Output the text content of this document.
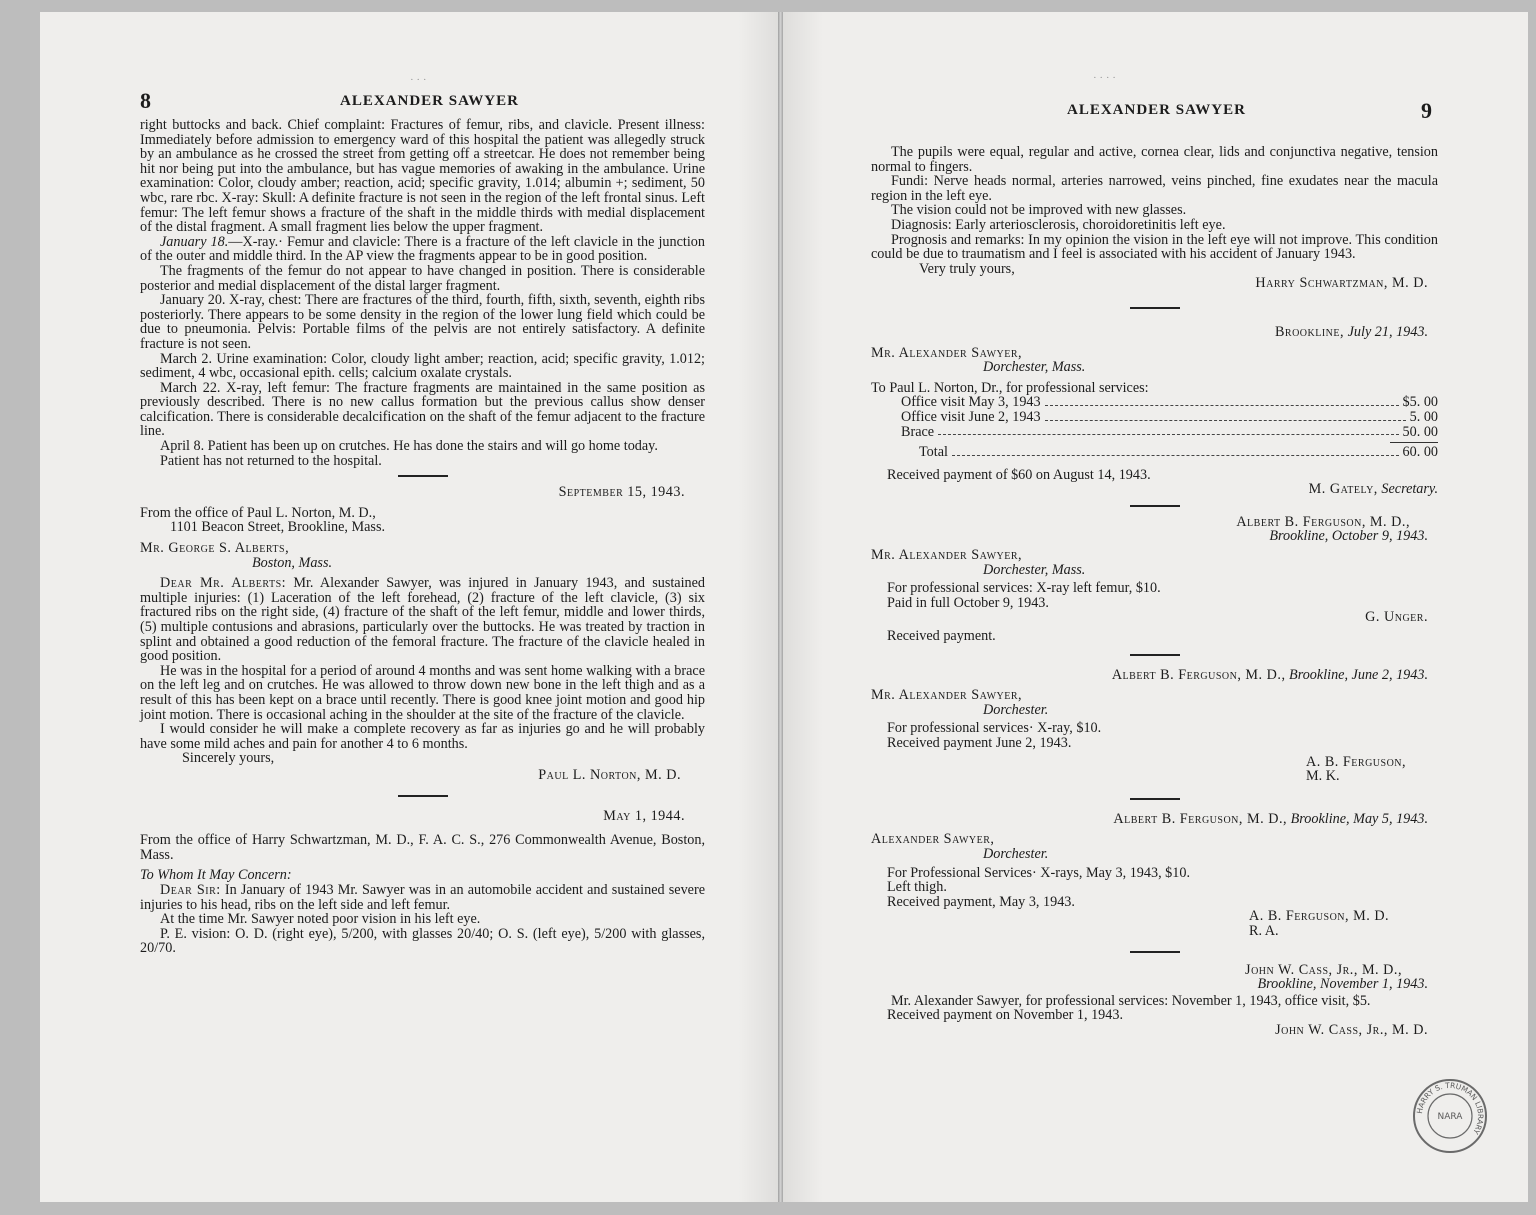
· · ·
8	ALEXANDER SAWYER

right buttocks and back. Chief complaint: Fractures of femur, ribs, and clavicle. Present illness: Immediately before admission to emergency ward of this hospital the patient was allegedly struck by an ambulance as he crossed the street from getting off a streetcar. He does not remember being hit nor being put into the ambulance, but has vague memories of awaking in the ambulance. Urine examination: Color, cloudy amber; reaction, acid; specific gravity, 1.014; albumin +; sediment, 50 wbc, rare rbc. X-ray: Skull: A definite fracture is not seen in the region of the left frontal sinus. Left femur: The left femur shows a fracture of the shaft in the middle thirds with medial displacement of the distal fragment. A small fragment lies below the upper fragment.

January 18.—X-ray.· Femur and clavicle: There is a fracture of the left clavicle in the junction of the outer and middle third. In the AP view the fragments appear to be in good position.

The fragments of the femur do not appear to have changed in position. There is considerable posterior and medial displacement of the distal larger fragment.

January 20. X-ray, chest: There are fractures of the third, fourth, fifth, sixth, seventh, eighth ribs posteriorly. There appears to be some density in the region of the lower lung field which could be due to pneumonia. Pelvis: Portable films of the pelvis are not entirely satisfactory. A definite fracture is not seen.

March 2. Urine examination: Color, cloudy light amber; reaction, acid; specific gravity, 1.012; sediment, 4 wbc, occasional epith. cells; calcium oxalate crystals.

March 22. X-ray, left femur: The fracture fragments are maintained in the same position as previously described. There is no new callus formation but the previous callus show denser calcification. There is considerable decalcification on the shaft of the femur adjacent to the fracture line.

April 8. Patient has been up on crutches. He has done the stairs and will go home today.

Patient has not returned to the hospital.

September 15, 1943.
From the office of Paul L. Norton, M. D.,
1101 Beacon Street, Brookline, Mass.
Mr. George S. Alberts,
Boston, Mass.

Dear Mr. Alberts: Mr. Alexander Sawyer, was injured in January 1943, and sustained multiple injuries: (1) Laceration of the left forehead, (2) fracture of the left clavicle, (3) six fractured ribs on the right side, (4) fracture of the shaft of the left femur, middle and lower thirds, (5) multiple contusions and abrasions, particularly over the buttocks. He was treated by traction in splint and obtained a good reduction of the femoral fracture. The fracture of the clavicle healed in good position.

He was in the hospital for a period of around 4 months and was sent home walking with a brace on the left leg and on crutches. He was allowed to throw down new bone in the left thigh and as a result of this has been kept on a brace until recently. There is good knee joint motion and good hip joint motion. There is occasional aching in the shoulder at the site of the fracture of the clavicle.

I would consider he will make a complete recovery as far as injuries go and he will probably have some mild aches and pain for another 4 to 6 months.

Sincerely yours,
Paul L. Norton, M. D.
May 1, 1944.
From the office of Harry Schwartzman, M. D., F. A. C. S., 276 Commonwealth Avenue, Boston, Mass.
To Whom It May Concern:

Dear Sir: In January of 1943 Mr. Sawyer was in an automobile accident and sustained severe injuries to his head, ribs on the left side and left femur.

At the time Mr. Sawyer noted poor vision in his left eye.

P. E. vision: O. D. (right eye), 5/200, with glasses 20/40; O. S. (left eye), 5/200 with glasses, 20/70.

· · · ·
ALEXANDER SAWYER	9

The pupils were equal, regular and active, cornea clear, lids and conjunctiva negative, tension normal to fingers.

Fundi: Nerve heads normal, arteries narrowed, veins pinched, fine exudates near the macula region in the left eye.

The vision could not be improved with new glasses.

Diagnosis: Early arteriosclerosis, choroidoretinitis left eye.

Prognosis and remarks: In my opinion the vision in the left eye will not improve. This condition could be due to traumatism and I feel is associated with his accident of January 1943.

Very truly yours,
Harry Schwartzman, M. D.
Brookline, July 21, 1943.
Mr. Alexander Sawyer,
Dorchester, Mass.
To Paul L. Norton, Dr., for professional services:
Office visit May 3, 1943	$5. 00
Office visit June 2, 1943	5. 00
Brace	50. 00
Total	60. 00
Received payment of $60 on August 14, 1943.
M. Gately, Secretary.
Albert B. Ferguson, M. D.,
Brookline, October 9, 1943.
Mr. Alexander Sawyer,
Dorchester, Mass.
For professional services: X-ray left femur, $10.
Paid in full October 9, 1943.
G. Unger.
Received payment.
Albert B. Ferguson, M. D., Brookline, June 2, 1943.
Mr. Alexander Sawyer,
Dorchester.
For professional services· X-ray, $10.
Received payment June 2, 1943.
A. B. Ferguson,
M. K.
Albert B. Ferguson, M. D., Brookline, May 5, 1943.
Alexander Sawyer,
Dorchester.
For Professional Services· X-rays, May 3, 1943, $10.
Left thigh.
Received payment, May 3, 1943.
A. B. Ferguson, M. D.
R. A.
John W. Cass, Jr., M. D.,
Brookline, November 1, 1943.

Mr. Alexander Sawyer, for professional services: November 1, 1943, office visit, $5.

Received payment on November 1, 1943.
John W. Cass, Jr., M. D.
HARRY S. TRUMAN LIBRARY
NARA
